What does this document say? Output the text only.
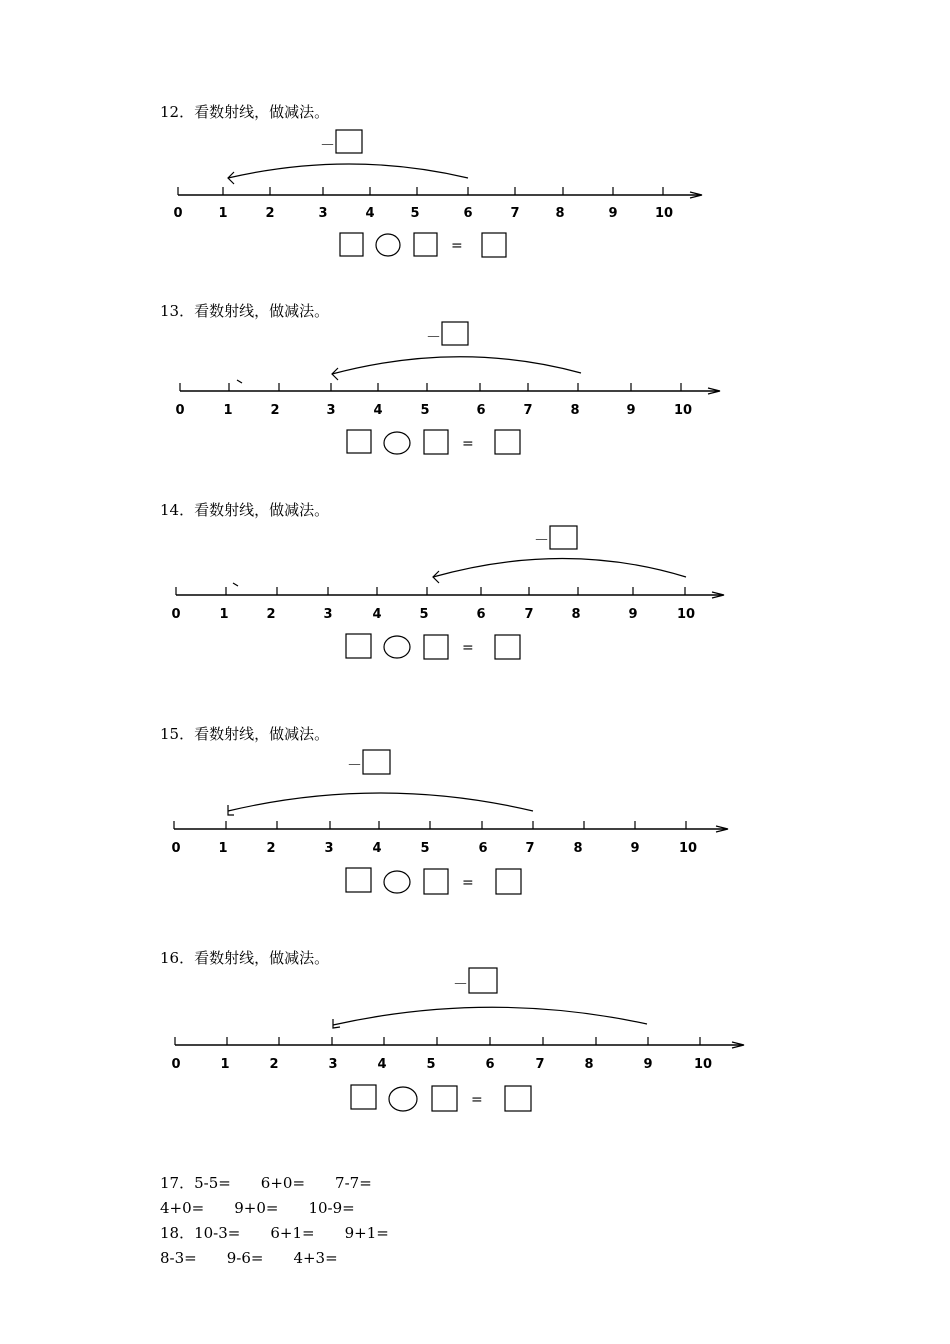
12．看数射线，做减法。
－
0	1	2	3	4	5	6	7	8	9	10
=
13．看数射线，做减法。
－
0	1	2	3	4	5	6	7	8	9	10
=
14．看数射线，做减法。
－
0	1	2	3	4	5	6	7	8	9	10
=
15．看数射线，做减法。
－
0	1	2	3	4	5	6	7	8	9	10
=
16．看数射线，做减法。
－
0	1	2	3	4	5	6	7	8	9	10
=
17．5-5=　　6+0=　　7-7=
4+0=　　9+0=　　10-9=
18．10-3=　　6+1=　　9+1=
8-3=　　9-6=　　4+3=
